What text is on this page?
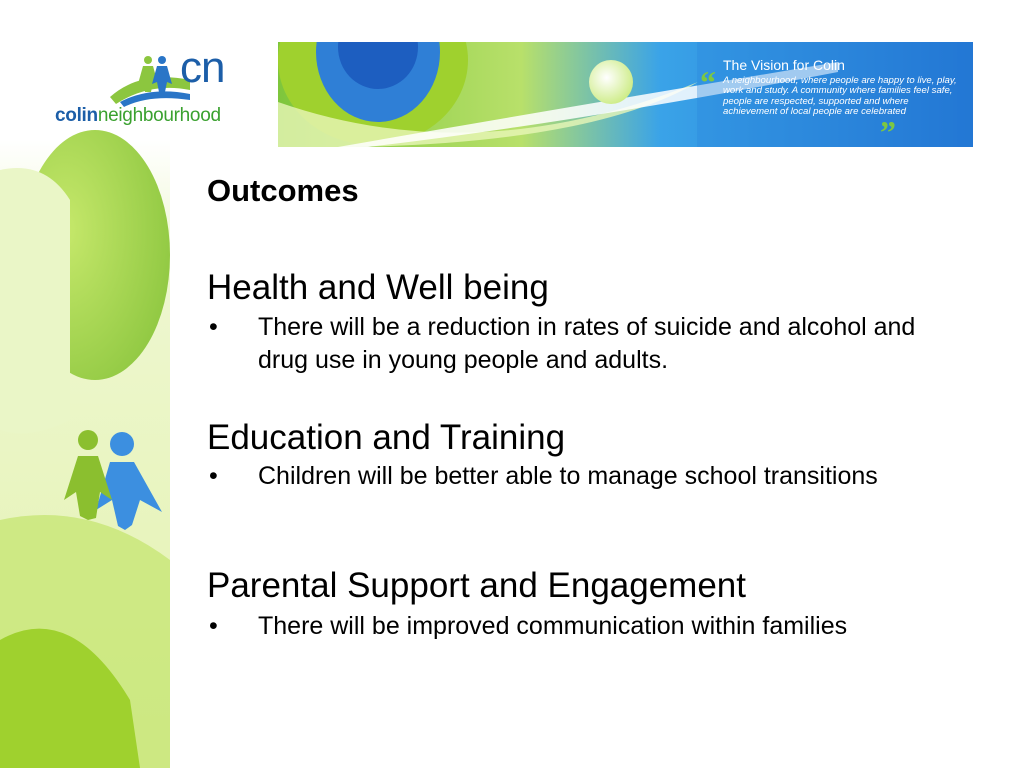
cn
colinneighbourhood
“ The Vision for Colin
A neighbourhood, where people are happy to live, play, work and study. A community where families feel safe, people are respected, supported and where achievement of local people are celebrated
”
Outcomes
Health and Well being
• There will be a reduction in rates of suicide and alcohol and drug use in young people and adults.
Education and Training
• Children will be better able to manage school transitions
Parental Support and Engagement
• There will be improved communication within families
